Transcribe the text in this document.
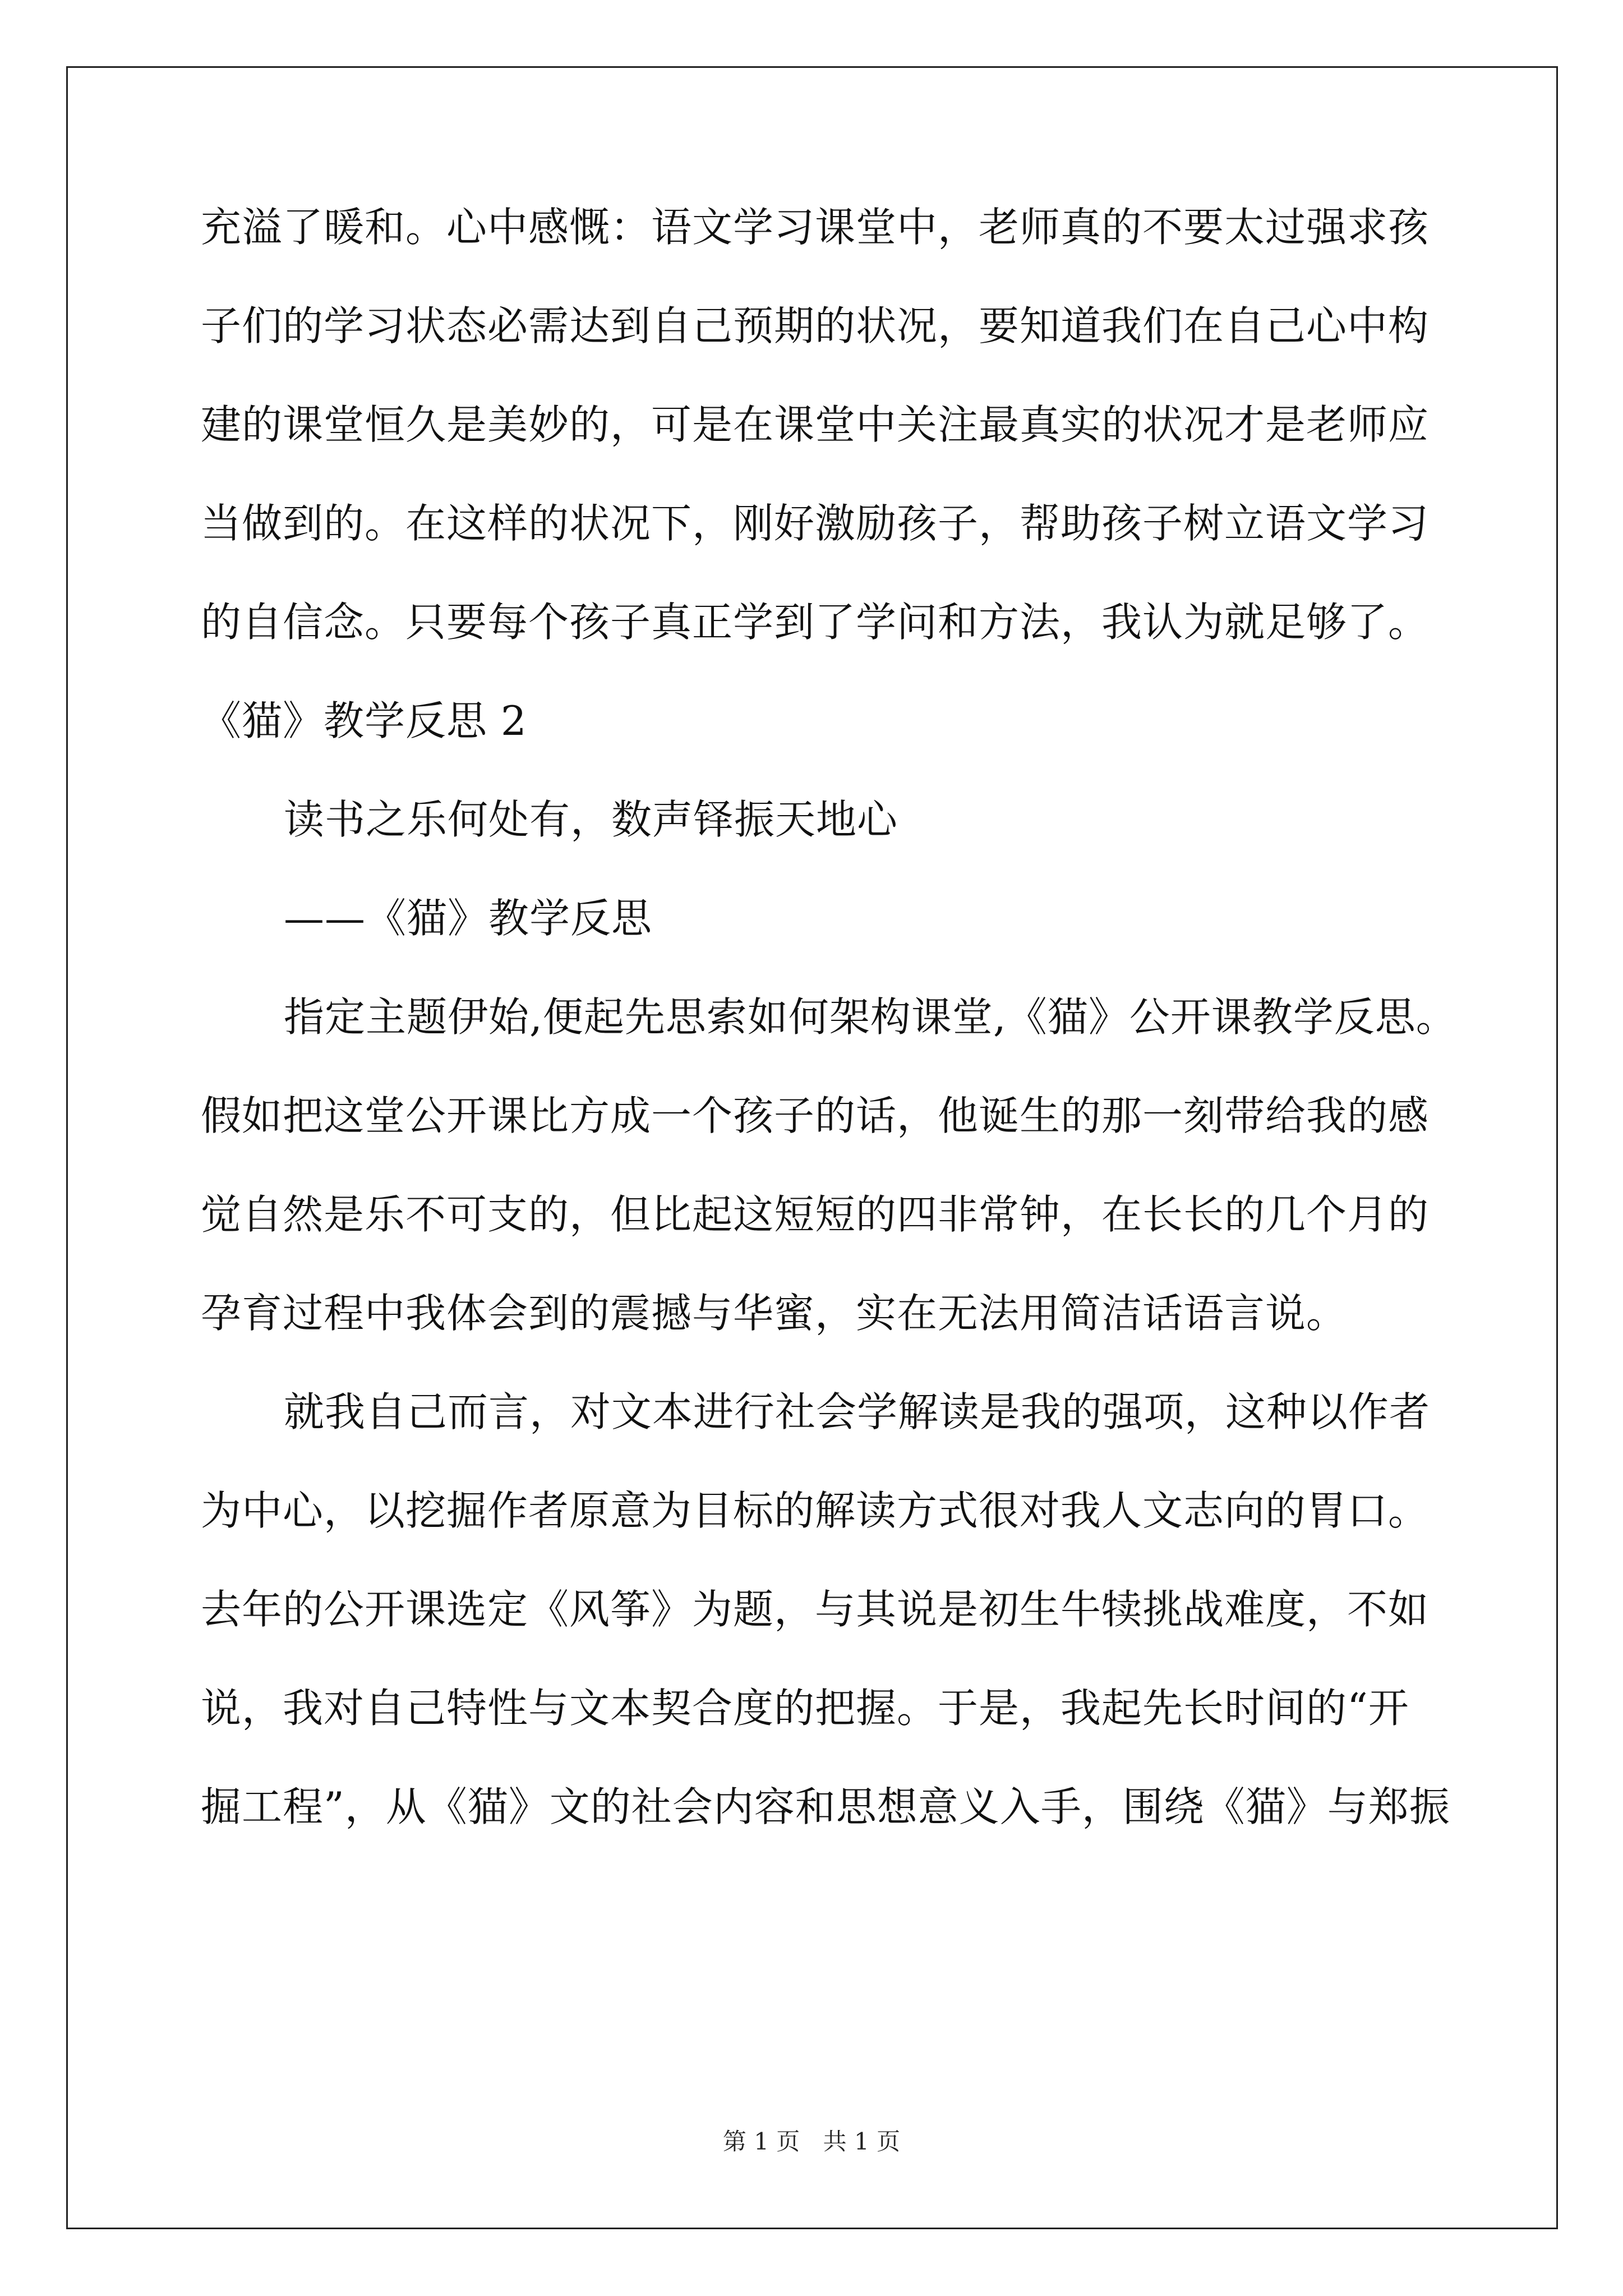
充溢了暖和。心中感慨：语文学习课堂中，老师真的不要太过强求孩
子们的学习状态必需达到自己预期的状况，要知道我们在自己心中构
建的课堂恒久是美妙的，可是在课堂中关注最真实的状况才是老师应
当做到的。在这样的状况下，刚好激励孩子，帮助孩子树立语文学习
的自信念。只要每个孩子真正学到了学问和方法，我认为就足够了。
《猫》教学反思 2
读书之乐何处有，数声铎振天地心
——《猫》教学反思
指定主题伊始,便起先思索如何架构课堂,《猫》公开课教学反思。
假如把这堂公开课比方成一个孩子的话，他诞生的那一刻带给我的感
觉自然是乐不可支的，但比起这短短的四非常钟，在长长的几个月的
孕育过程中我体会到的震撼与华蜜，实在无法用简洁话语言说。
就我自己而言，对文本进行社会学解读是我的强项，这种以作者
为中心，以挖掘作者原意为目标的解读方式很对我人文志向的胃口。
去年的公开课选定《风筝》为题，与其说是初生牛犊挑战难度，不如
说，我对自己特性与文本契合度的把握。于是，我起先长时间的“开
掘工程”，从《猫》文的社会内容和思想意义入手，围绕《猫》与郑振
第 1 页 共 1 页
